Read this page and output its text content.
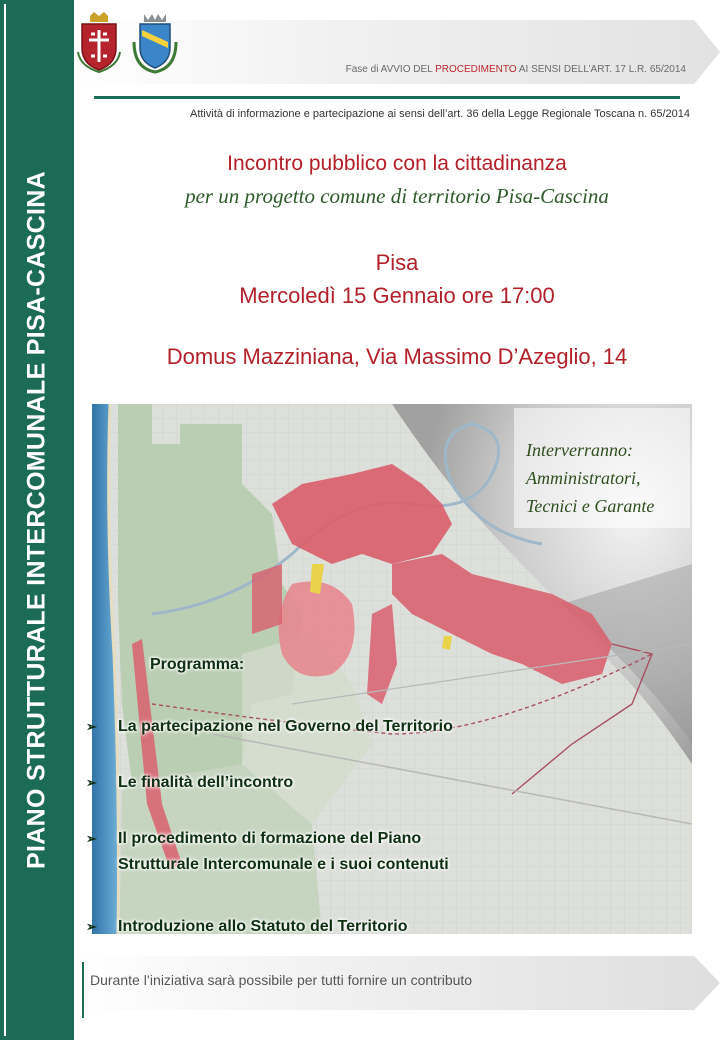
PIANO STRUTTURALE INTERCOMUNALE PISA-CASCINA
Fase di AVVIO DEL PROCEDIMENTO AI SENSI DELL’ART. 17 L.R. 65/2014
Attività di informazione e partecipazione ai sensi dell’art. 36 della Legge Regionale Toscana n. 65/2014
Incontro pubblico con la cittadinanza
per un progetto comune di territorio Pisa-Cascina
Pisa
Mercoledì 15 Gennaio ore 17:00
Domus Mazziniana, Via Massimo D’Azeglio, 14
Interverranno:
Amministratori,
Tecnici e Garante
Programma:
➢ La partecipazione nel Governo del Territorio
➢ Le finalità dell’incontro
➢ Il procedimento di formazione del Piano
Strutturale Intercomunale e i suoi contenuti
➢ Introduzione allo Statuto del Territorio
Durante l’iniziativa sarà possibile per tutti fornire un contributo
